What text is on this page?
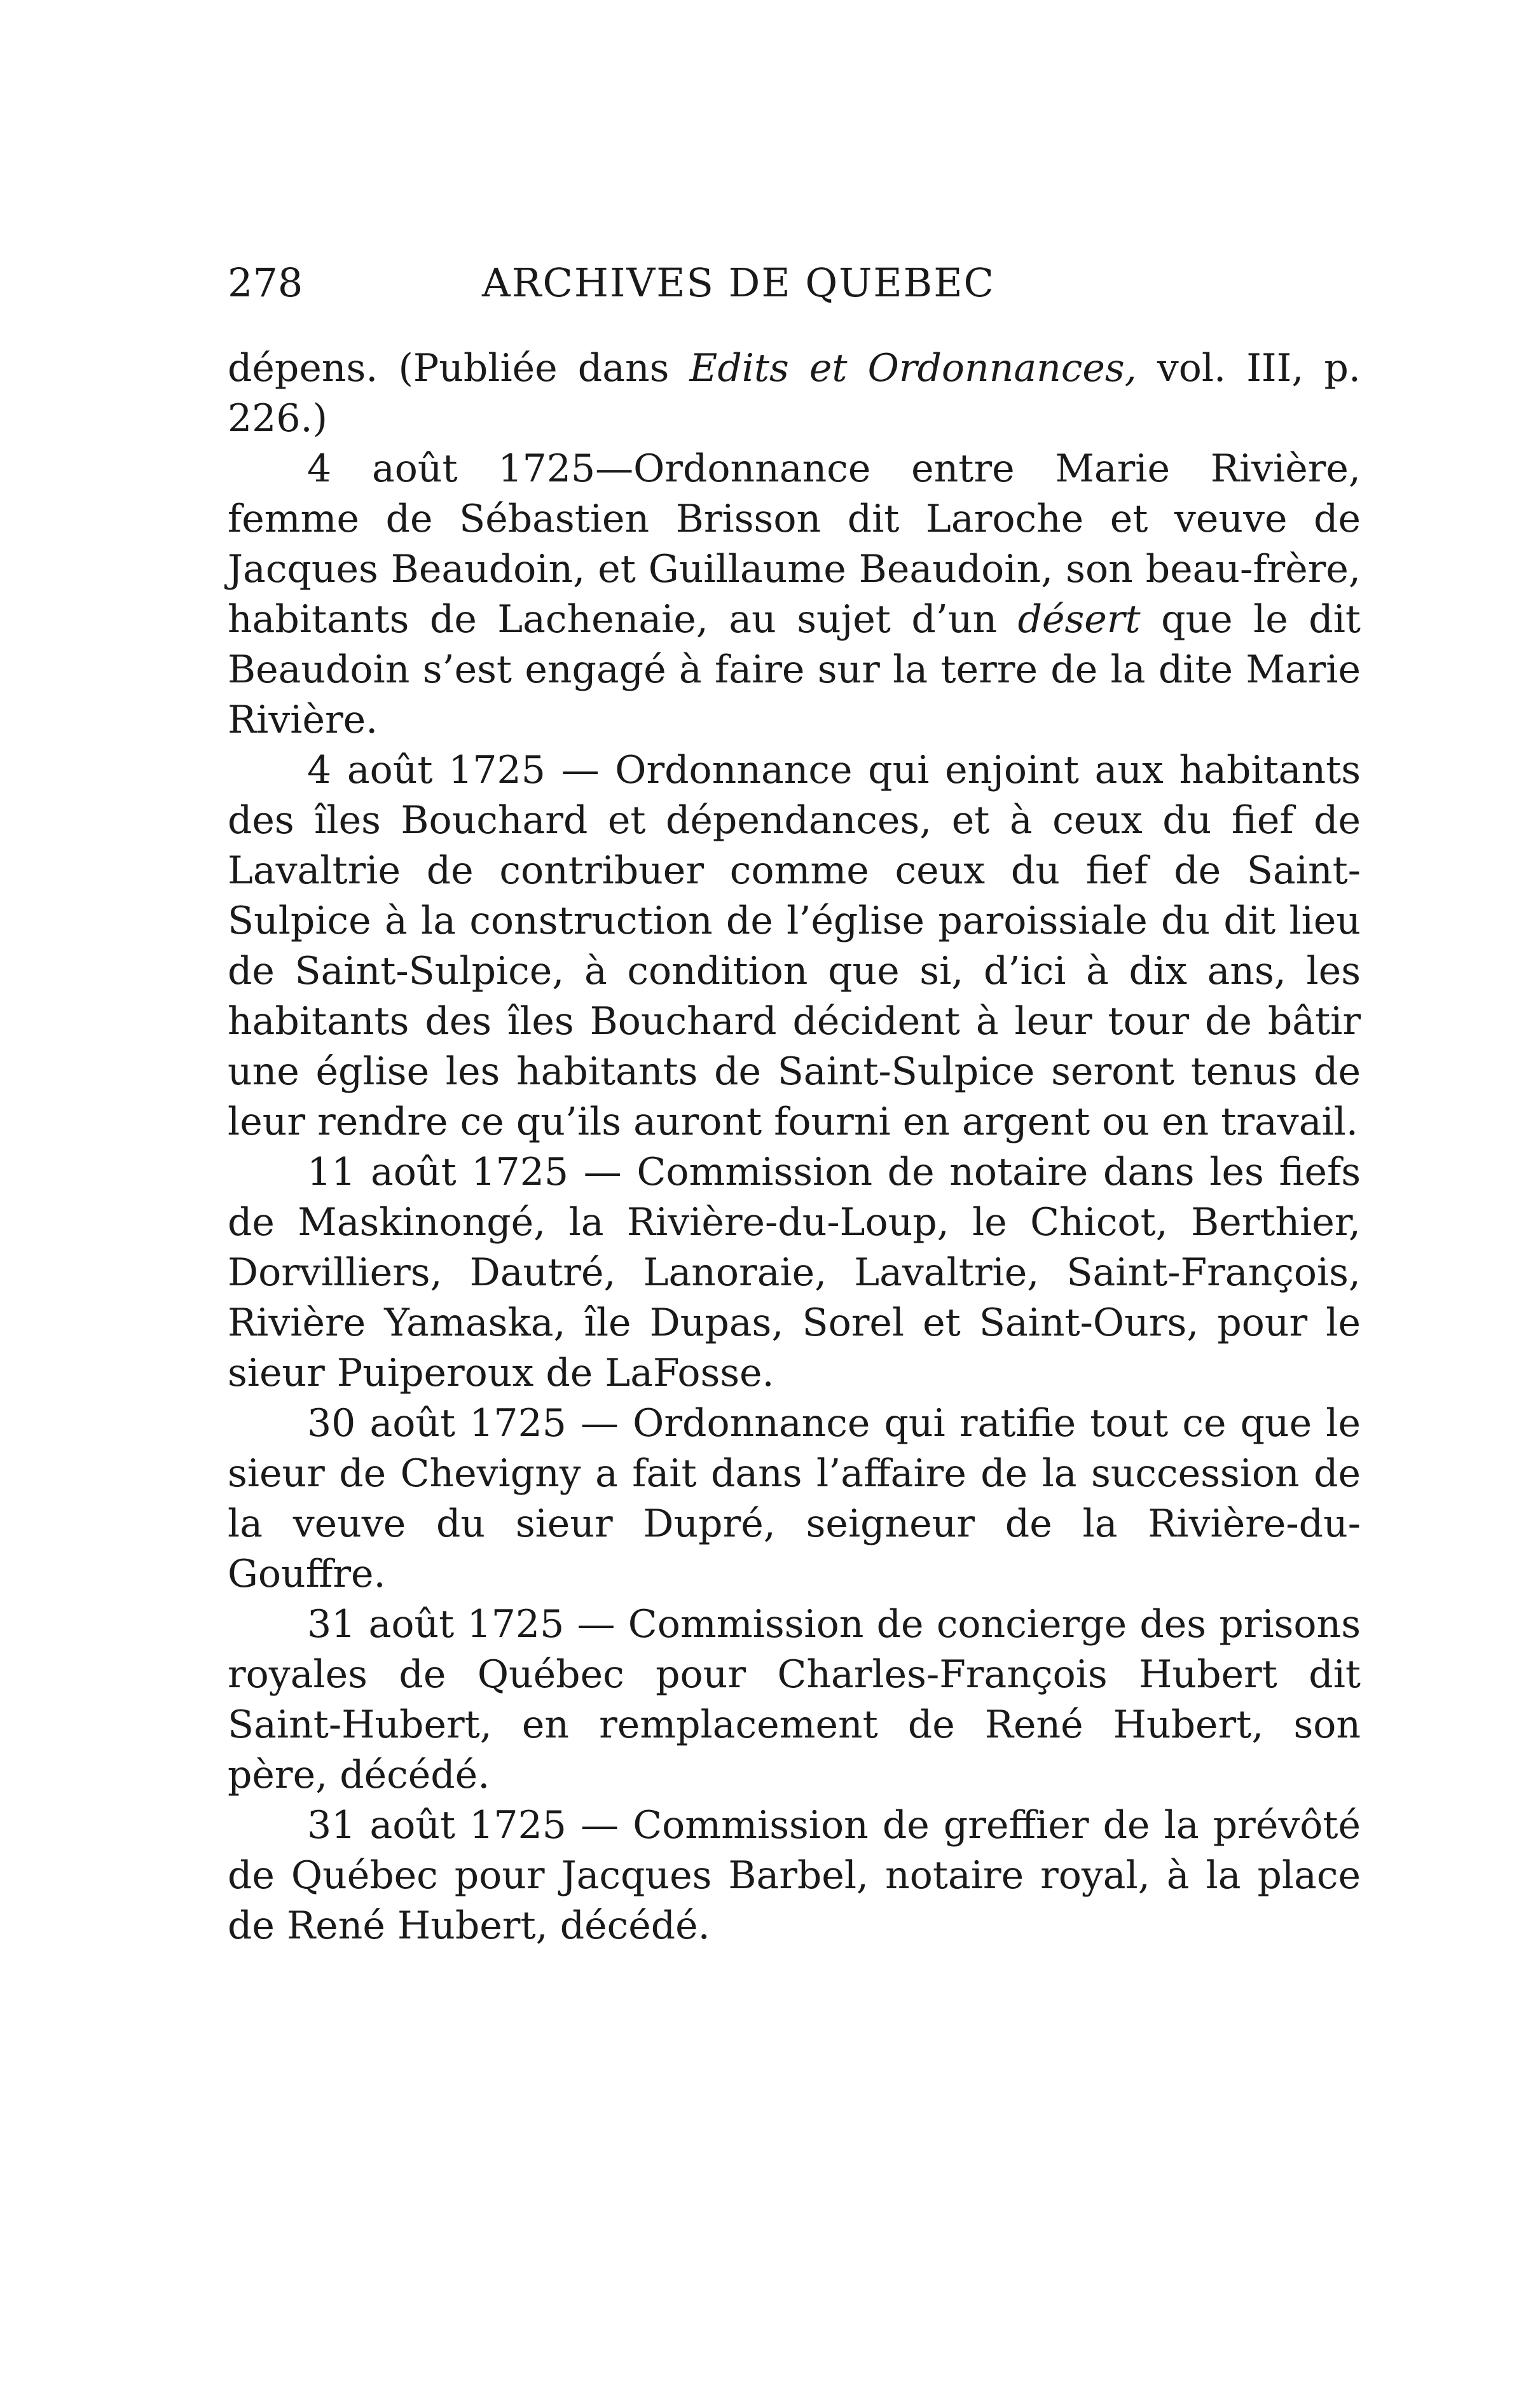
278	ARCHIVES DE QUEBEC

dépens. (Publiée dans Edits et Ordonnances, vol. III, p. 226.)

4 août 1725—Ordonnance entre Marie Rivière, femme de Sébastien Brisson dit Laroche et veuve de Jacques Beaudoin, et Guillaume Beaudoin, son beau-frère, habitants de Lachenaie, au sujet d’un désert que le dit Beaudoin s’est engagé à faire sur la terre de la dite Marie Rivière.

4 août 1725 — Ordonnance qui enjoint aux habitants des îles Bouchard et dépendances, et à ceux du fief de Lavaltrie de contribuer comme ceux du fief de Saint-Sulpice à la construction de l’église paroissiale du dit lieu de Saint-Sulpice, à condition que si, d’ici à dix ans, les habitants des îles Bouchard décident à leur tour de bâtir une église les habitants de Saint-Sulpice seront tenus de leur rendre ce qu’ils auront fourni en argent ou en travail.

11 août 1725 — Commission de notaire dans les fiefs de Maskinongé, la Rivière-du-Loup, le Chicot, Berthier, Dorvilliers, Dautré, Lanoraie, Lavaltrie, Saint-François, Rivière Yamaska, île Dupas, Sorel et Saint-Ours, pour le sieur Puiperoux de LaFosse.

30 août 1725 — Ordonnance qui ratifie tout ce que le sieur de Chevigny a fait dans l’affaire de la succession de la veuve du sieur Dupré, seigneur de la Rivière-du-Gouffre.

31 août 1725 — Commission de concierge des prisons royales de Québec pour Charles-François Hubert dit Saint-Hubert, en remplacement de René Hubert, son père, décédé.

31 août 1725 — Commission de greffier de la prévôté de Québec pour Jacques Barbel, notaire royal, à la place de René Hubert, décédé.
